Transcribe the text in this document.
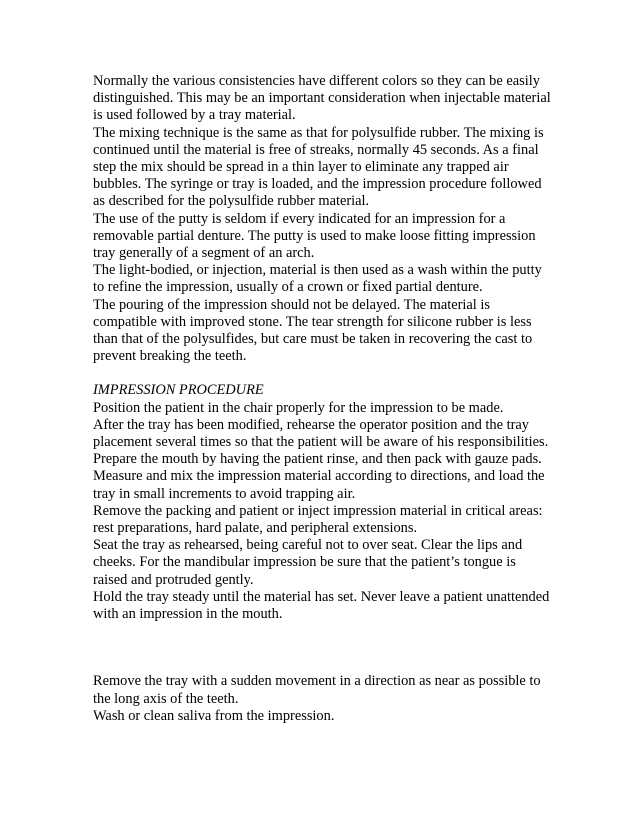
Normally the various consistencies have different colors so they can be easily distinguished. This may be an important consideration when injectable material is used followed by a tray material.

The mixing technique is the same as that for polysulfide rubber. The mixing is continued until the material is free of streaks, normally 45 seconds. As a final step the mix should be spread in a thin layer to eliminate any trapped air bubbles. The syringe or tray is loaded, and the impression procedure followed as described for the polysulfide rubber material.

The use of the putty is seldom if every indicated for an impression for a removable partial denture. The putty is used to make loose fitting impression tray generally of a segment of an arch.

The light-bodied, or injection, material is then used as a wash within the putty to refine the impression, usually of a crown or fixed partial denture.

The pouring of the impression should not be delayed. The material is compatible with improved stone. The tear strength for silicone rubber is less than that of the polysulfides, but care must be taken in recovering the cast to prevent breaking the teeth.

IMPRESSION PROCEDURE

Position the patient in the chair properly for the impression to be made.

After the tray has been modified, rehearse the operator position and the tray placement several times so that the patient will be aware of his responsibilities.

Prepare the mouth by having the patient rinse, and then pack with gauze pads.

Measure and mix the impression material according to directions, and load the tray in small increments to avoid trapping air.

Remove the packing and patient or inject impression material in critical areas: rest preparations, hard palate, and peripheral extensions.

Seat the tray as rehearsed, being careful not to over seat. Clear the lips and cheeks. For the mandibular impression be sure that the patient’s tongue is raised and protruded gently.

Hold the tray steady until the material has set. Never leave a patient unattended with an impression in the mouth.

Remove the tray with a sudden movement in a direction as near as possible to the long axis of the teeth.

Wash or clean saliva from the impression.
